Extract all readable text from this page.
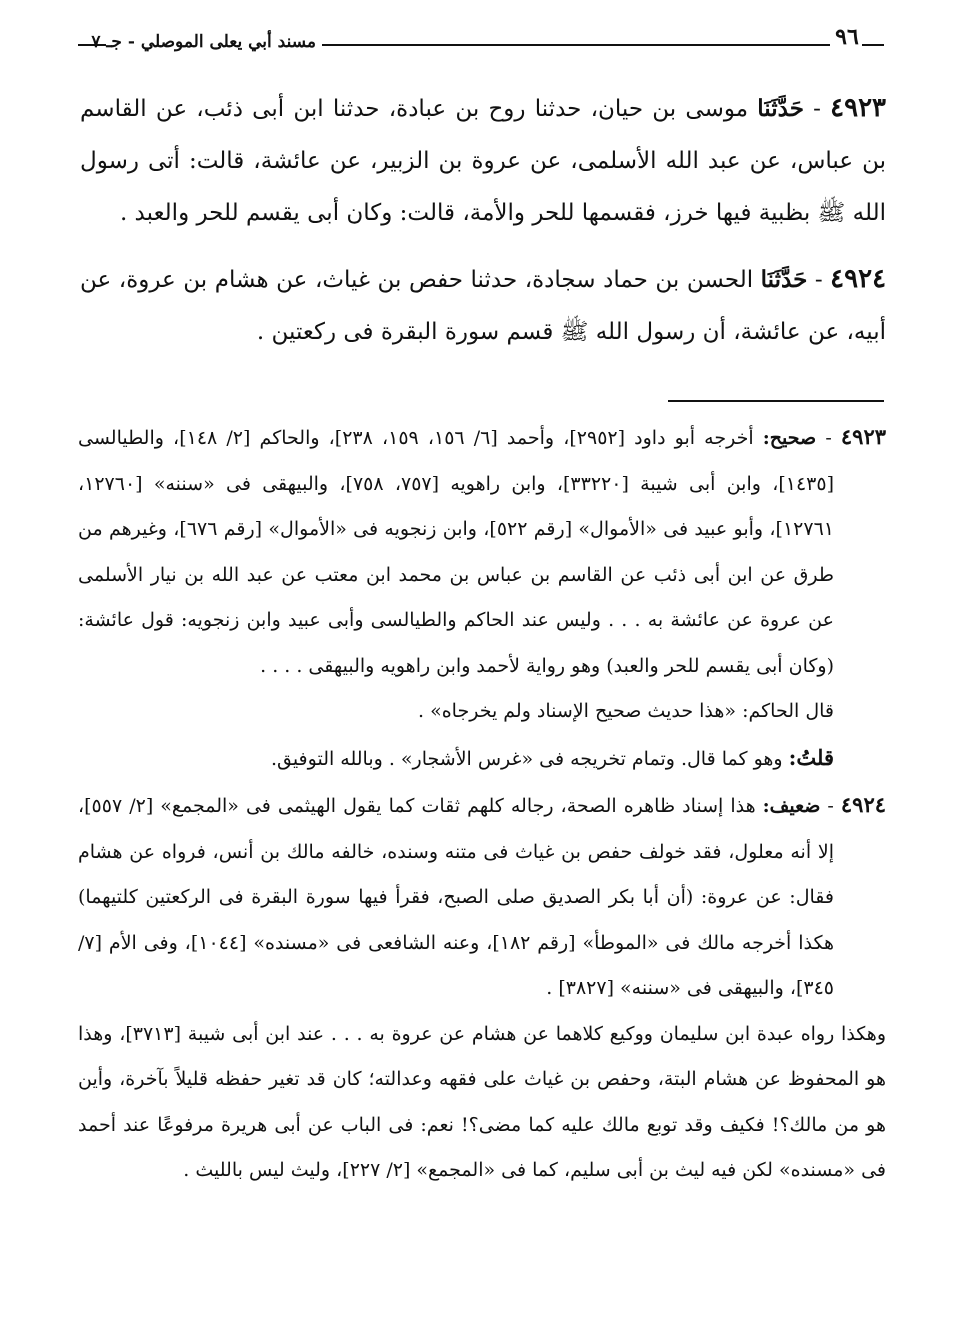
مسند أبي يعلى الموصلي - جـ ٧	٩٦

٤٩٢٣ - حَدَّثَنَا موسى بن حيان، حدثنا روح بن عبادة، حدثنا ابن أبى ذئب، عن القاسم بن عباس، عن عبد الله الأسلمى، عن عروة بن الزبير، عن عائشة، قالت: أتى رسول الله ﷺ بظبية فيها خرز، فقسمها للحر والأمة، قالت: وكان أبى يقسم للحر والعبد .

٤٩٢٤ - حَدَّثَنَا الحسن بن حماد سجادة، حدثنا حفص بن غياث، عن هشام بن عروة، عن أبيه، عن عائشة، أن رسول الله ﷺ قسم سورة البقرة فى ركعتين .

٤٩٢٣ - صحيح: أخرجه أبو داود [٢٩٥٢]، وأحمد [٦/ ١٥٦، ١٥٩، ٢٣٨]، والحاكم [٢/ ١٤٨]، والطيالسى [١٤٣٥]، وابن أبى شيبة [٣٣٢٢٠]، وابن راهويه [٧٥٧، ٧٥٨]، والبيهقى فى «سننه» [١٢٧٦٠، ١٢٧٦١]، وأبو عبيد فى «الأموال» [رقم ٥٢٢]، وابن زنجويه فى «الأموال» [رقم ٦٧٦]، وغيرهم من طرق عن ابن أبى ذئب عن القاسم بن عباس بن محمد ابن معتب عن عبد الله بن نيار الأسلمى عن عروة عن عائشة به . . . وليس عند الحاكم والطيالسى وأبى عبيد وابن زنجويه: قول عائشة: (وكان أبى يقسم للحر والعبد) وهو رواية لأحمد وابن راهويه والبيهقى . . . .

قال الحاكم: «هذا حديث صحيح الإسناد ولم يخرجاه» .

قلتُ: وهو كما قال. وتمام تخريجه فى «غرس الأشجار» . وبالله التوفيق.

٤٩٢٤ - ضعيف: هذا إسناد ظاهره الصحة، رجاله كلهم ثقات كما يقول الهيثمى فى «المجمع» [٢/ ٥٥٧]، إلا أنه معلول، فقد خولف حفص بن غياث فى متنه وسنده، خالفه مالك بن أنس، فرواه عن هشام فقال: عن عروة: (أن أبا بكر الصديق صلى الصبح، فقرأ فيها سورة البقرة فى الركعتين كلتيهما) هكذا أخرجه مالك فى «الموطأ» [رقم ١٨٢]، وعنه الشافعى فى «مسنده» [١٠٤٤]، وفى الأم [٧/ ٣٤٥]، والبيهقى فى «سننه» [٣٨٢٧] .

وهكذا رواه عبدة ابن سليمان ووكيع كلاهما عن هشام عن عروة به . . . عند ابن أبى شيبة [٣٧١٣]، وهذا هو المحفوظ عن هشام البتة، وحفص بن غياث على فقهه وعدالته؛ كان قد تغير حفظه قليلاً بآخرة، وأين هو من مالك؟! فكيف وقد توبع مالك عليه كما مضى؟! نعم: فى الباب عن أبى هريرة مرفوعًا عند أحمد فى «مسنده» لكن فيه ليث بن أبى سليم، كما فى «المجمع» [٢/ ٢٢٧]، وليث ليس بالليث .
